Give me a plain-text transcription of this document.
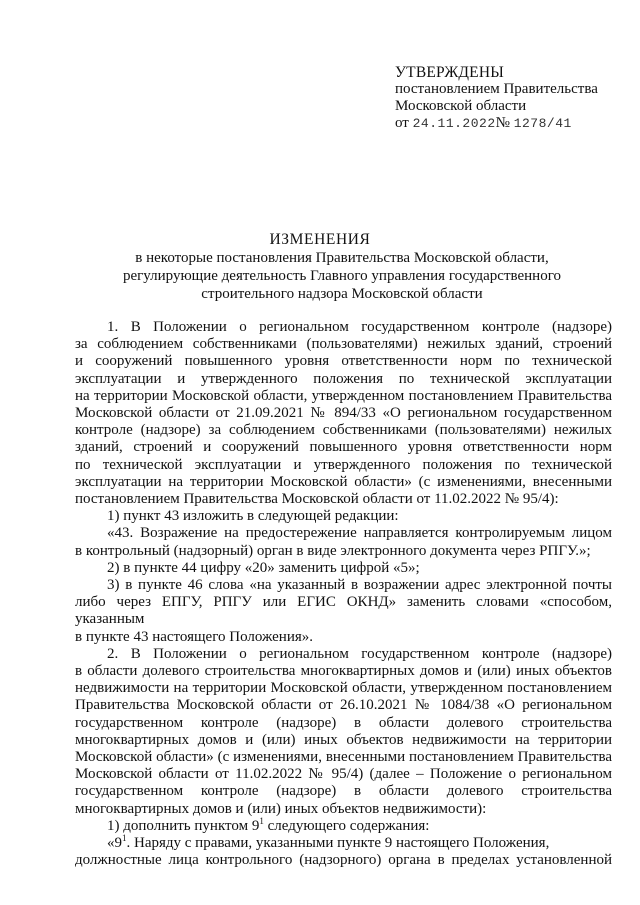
УТВЕРЖДЕНЫ
постановлением Правительства
Московской области
от 24.11.2022№ 1278/41
ИЗМЕНЕНИЯ
в некоторые постановления Правительства Московской области,
регулирующие деятельность Главного управления государственного
строительного надзора Московской области
1. В Положении о региональном государственном контроле (надзоре)
за соблюдением собственниками (пользователями) нежилых зданий, строений
и сооружений повышенного уровня ответственности норм по технической
эксплуатации и утвержденного положения по технической эксплуатации
на территории Московской области, утвержденном постановлением Правительства
Московской области от 21.09.2021 № 894/33 «О региональном государственном
контроле (надзоре) за соблюдением собственниками (пользователями) нежилых
зданий, строений и сооружений повышенного уровня ответственности норм
по технической эксплуатации и утвержденного положения по технической
эксплуатации на территории Московской области» (с изменениями, внесенными
постановлением Правительства Московской области от 11.02.2022 № 95/4):
1) пункт 43 изложить в следующей редакции:
«43. Возражение на предостережение направляется контролируемым лицом
в контрольный (надзорный) орган в виде электронного документа через РПГУ.»;
2) в пункте 44 цифру «20» заменить цифрой «5»;
3) в пункте 46 слова «на указанный в возражении адрес электронной почты
либо через ЕПГУ, РПГУ или ЕГИС ОКНД» заменить словами «способом, указанным
в пункте 43 настоящего Положения».
2. В Положении о региональном государственном контроле (надзоре)
в области долевого строительства многоквартирных домов и (или) иных объектов
недвижимости на территории Московской области, утвержденном постановлением
Правительства Московской области от 26.10.2021 № 1084/38 «О региональном
государственном контроле (надзоре) в области долевого строительства
многоквартирных домов и (или) иных объектов недвижимости на территории
Московской области» (с изменениями, внесенными постановлением Правительства
Московской области от 11.02.2022 № 95/4) (далее – Положение о региональном
государственном контроле (надзоре) в области долевого строительства
многоквартирных домов и (или) иных объектов недвижимости):
1) дополнить пунктом $9^1$ следующего содержания:
«$9^1$. Наряду с правами, указанными пункте 9 настоящего Положения,
должностные лица контрольного (надзорного) органа в пределах установленной
